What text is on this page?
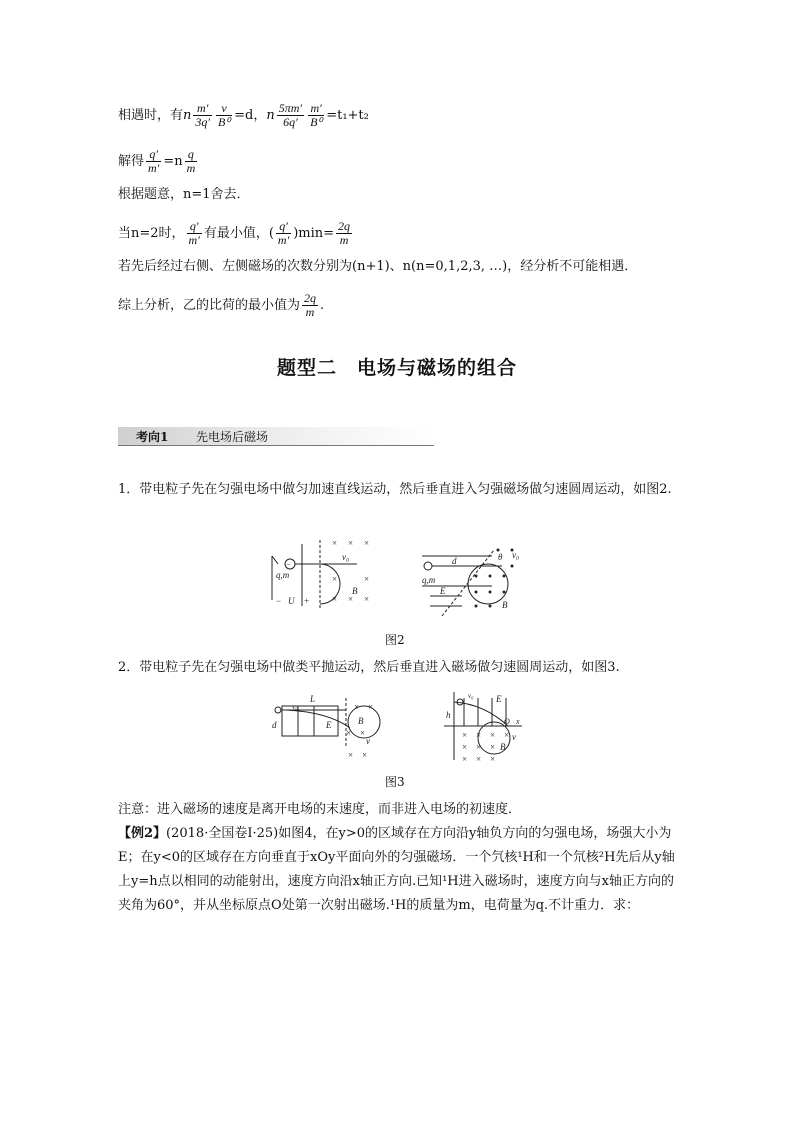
相遇时，有n $\frac{m'}{3q'} \frac{v}{\text{B⁰}} =d$，n $\frac{5\pi m'}{6q'} \frac{m'}{\text{B⁰}} =t_1+t_2$
解得 $\frac{q'}{m'} =n \frac{q}{m}$
根据题意，n=1舍去．
当n=2时， $\frac{q'}{m'}$ 有最小值，( $\frac{q'}{m'} )\min= \frac{2q}{m}$
若先后经过右侧、左侧磁场的次数分别为(n+1)、n(n=0,1,2,3, …)，经分析不可能相遇．
综上分析，乙的比荷的最小值为 $\frac{2q}{m}$ .
题型二　电场与磁场的组合
考向1 先电场后磁场
1．带电粒子先在匀强电场中做匀加速直线运动，然后垂直进入匀强磁场做匀速圆周运动，如图2.
−
× × ×
×	×
× × ×
q,m
v₀
B
− U +
d
q,m
E
v₀
B
θ
图2
2．带电粒子先在匀强电场中做类平抛运动，然后垂直进入磁场做匀速圆周运动，如图3.
L
E
d
v₀
B
v
× ×
× ×
× ×
h
v₀ E
O x
B
v
× × × ×
× × ×
× × ×
图3
注意：进入磁场的速度是离开电场的末速度，而非进入电场的初速度．
【例2】(2018·全国卷Ⅰ·25)如图4，在y>0的区域存在方向沿y轴负方向的匀强电场，场强大小为E；在y<0的区域存在方向垂直于xOy平面向外的匀强磁场．一个氕核¹H和一个氘核²H先后从y轴上y=h点以相同的动能射出，速度方向沿x轴正方向.已知¹H进入磁场时，速度方向与x轴正方向的夹角为60°，并从坐标原点O处第一次射出磁场.¹H的质量为m，电荷量为q.不计重力．求：
